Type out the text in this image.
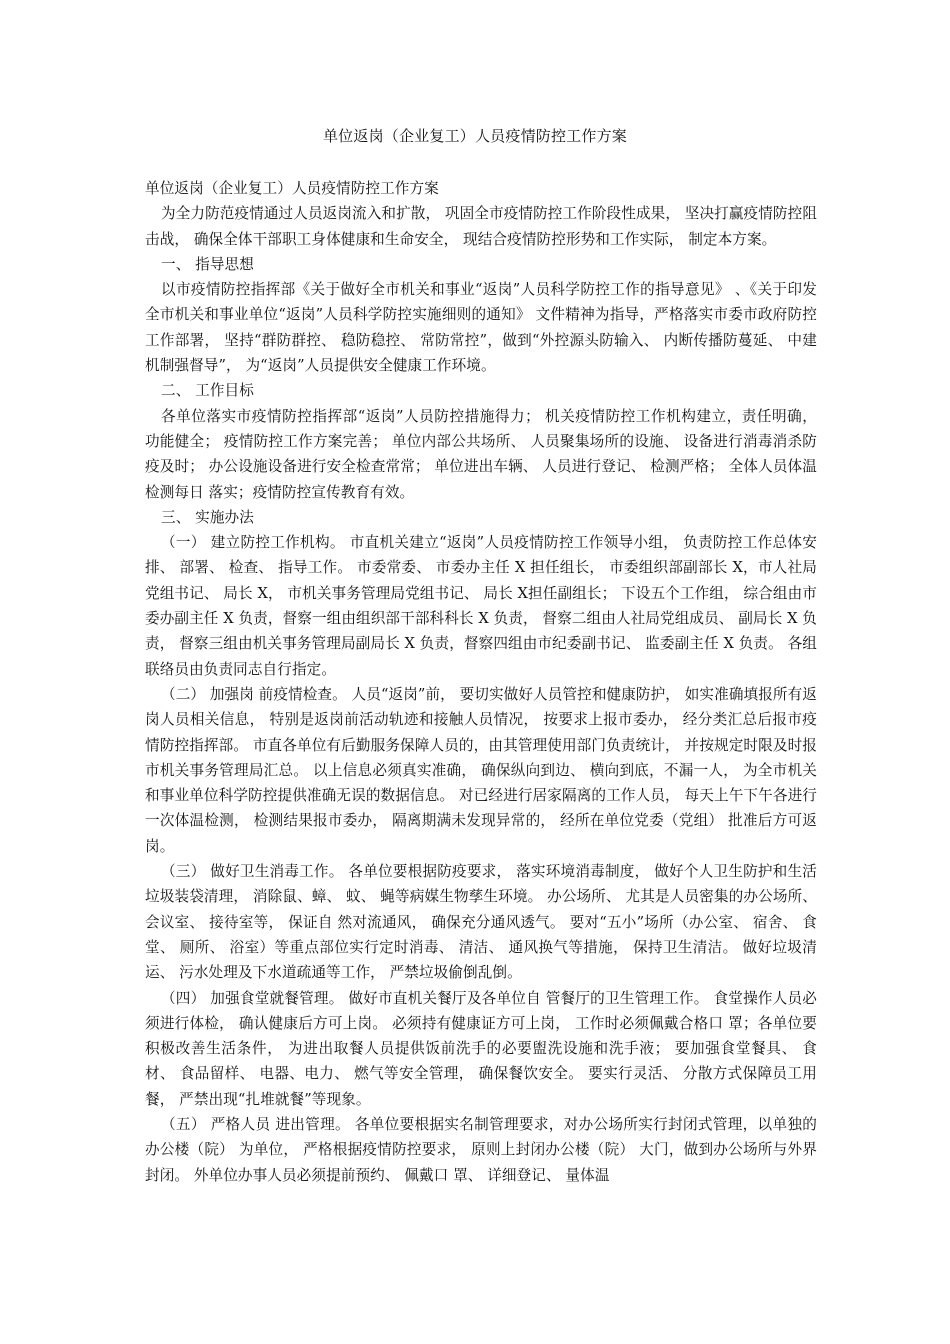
单位返岗（企业复工）人员疫情防控工作方案

单位返岗（企业复工）人员疫情防控工作方案

为全力防范疫情通过人员返岗流入和扩散， 巩固全市疫情防控工作阶段性成果， 坚决打赢疫情防控阻击战， 确保全体干部职工身体健康和生命安全， 现结合疫情防控形势和工作实际， 制定本方案。

一、 指导思想

以市疫情防控指挥部《关于做好全市机关和事业“返岗”人员科学防控工作的指导意见》 、《关于印发全市机关和事业单位“返岗”人员科学防控实施细则的通知》 文件精神为指导，严格落实市委市政府防控工作部署， 坚持“群防群控、 稳防稳控、 常防常控”，做到“外控源头防输入、 内断传播防蔓延、 中建机制强督导”， 为“返岗”人员提供安全健康工作环境。

二、 工作目标

各单位落实市疫情防控指挥部“返岗”人员防控措施得力； 机关疫情防控工作机构建立，责任明确， 功能健全； 疫情防控工作方案完善； 单位内部公共场所、 人员聚集场所的设施、 设备进行消毒消杀防疫及时； 办公设施设备进行安全检查常常； 单位进出车辆、 人员进行登记、 检测严格； 全体人员体温检测每日 落实；疫情防控宣传教育有效。

三、 实施办法

（一） 建立防控工作机构。 市直机关建立“返岗”人员疫情防控工作领导小组， 负责防控工作总体安排、 部署、 检查、 指导工作。 市委常委、 市委办主任 X 担任组长， 市委组织部副部长 X，市人社局党组书记、 局长 X， 市机关事务管理局党组书记、 局长 X担任副组长； 下设五个工作组， 综合组由市委办副主任 X 负责，督察一组由组织部干部科科长 X 负责， 督察二组由人社局党组成员、 副局长 X 负责， 督察三组由机关事务管理局副局长 X 负责，督察四组由市纪委副书记、 监委副主任 X 负责。 各组联络员由负责同志自行指定。

（二） 加强岗 前疫情检查。 人员“返岗”前， 要切实做好人员管控和健康防护， 如实准确填报所有返岗人员相关信息， 特别是返岗前活动轨迹和接触人员情况， 按要求上报市委办， 经分类汇总后报市疫情防控指挥部。 市直各单位有后勤服务保障人员的，由其管理使用部门负责统计， 并按规定时限及时报市机关事务管理局汇总。 以上信息必须真实准确， 确保纵向到边、 横向到底，不漏一人， 为全市机关和事业单位科学防控提供准确无误的数据信息。 对已经进行居家隔离的工作人员， 每天上午下午各进行一次体温检测， 检测结果报市委办， 隔离期满未发现异常的， 经所在单位党委（党组） 批准后方可返岗。

（三） 做好卫生消毒工作。 各单位要根据防疫要求， 落实环境消毒制度， 做好个人卫生防护和生活垃圾装袋清理， 消除鼠、蟑、 蚊、 蝇等病媒生物孳生环境。 办公场所、 尤其是人员密集的办公场所、 会议室、 接待室等， 保证自 然对流通风， 确保充分通风透气。 要对“五小”场所（办公室、 宿舍、 食堂、 厕所、 浴室）等重点部位实行定时消毒、 清洁、 通风换气等措施， 保持卫生清洁。 做好垃圾清运、 污水处理及下水道疏通等工作， 严禁垃圾偷倒乱倒。

（四） 加强食堂就餐管理。 做好市直机关餐厅及各单位自 管餐厅的卫生管理工作。 食堂操作人员必须进行体检， 确认健康后方可上岗。 必须持有健康证方可上岗， 工作时必须佩戴合格口 罩；各单位要积极改善生活条件， 为进出取餐人员提供饭前洗手的必要盥洗设施和洗手液； 要加强食堂餐具、 食材、 食品留样、 电器、电力、 燃气等安全管理， 确保餐饮安全。 要实行灵活、 分散方式保障员工用餐， 严禁出现“扎堆就餐”等现象。

（五） 严格人员 进出管理。 各单位要根据实名制管理要求，对办公场所实行封闭式管理，以单独的办公楼（院） 为单位， 严格根据疫情防控要求， 原则上封闭办公楼（院） 大门，做到办公场所与外界封闭。 外单位办事人员必须提前预约、 佩戴口 罩、 详细登记、 量体温
